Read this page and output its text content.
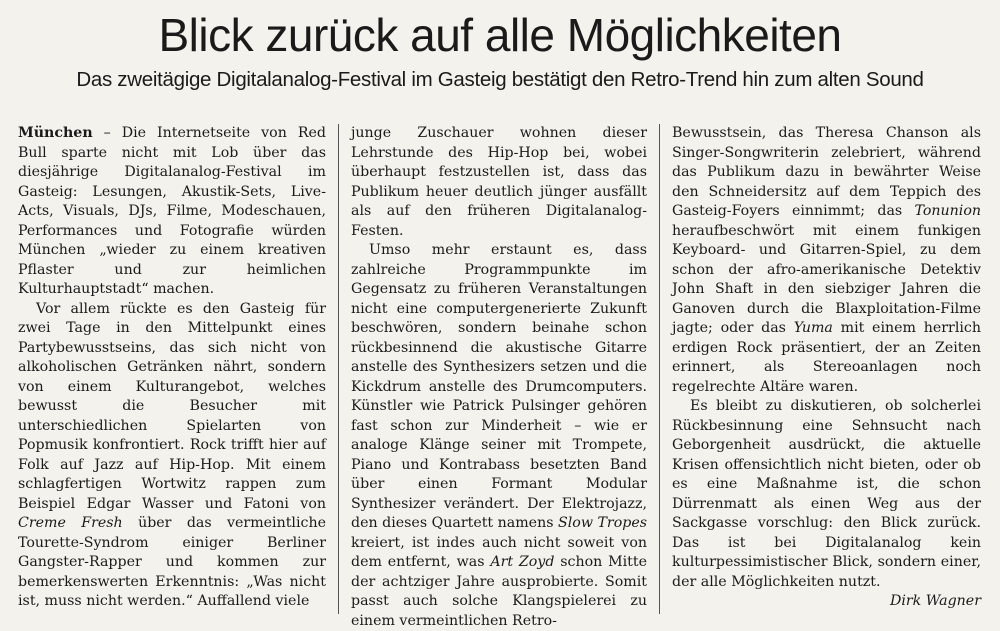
Blick zurück auf alle Möglichkeiten
Das zweitägige Digitalanalog-Festival im Gasteig bestätigt den Retro-Trend hin zum alten Sound

München – Die Internetseite von Red Bull sparte nicht mit Lob über das diesjährige Digitalanalog-Festival im Gasteig: Lesungen, Akustik-Sets, Live-Acts, Visuals, DJs, Filme, Modeschauen, Performances und Fotografie würden München „wieder zu einem kreativen Pflaster und zur heimlichen Kulturhauptstadt“ machen.

Vor allem rückte es den Gasteig für zwei Tage in den Mittelpunkt eines Partybewusstseins, das sich nicht von alkoholischen Getränken nährt, sondern von einem Kulturangebot, welches bewusst die Besucher mit unterschiedlichen Spielarten von Popmusik konfrontiert. Rock trifft hier auf Folk auf Jazz auf Hip-Hop. Mit einem schlagfertigen Wortwitz rappen zum Beispiel Edgar Wasser und Fatoni von Creme Fresh über das vermeintliche Tourette-Syndrom einiger Berliner Gangster-Rapper und kommen zur bemerkenswerten Erkenntnis: „Was nicht ist, muss nicht werden.“ Auffallend viele

junge Zuschauer wohnen dieser Lehrstunde des Hip-Hop bei, wobei überhaupt festzustellen ist, dass das Publikum heuer deutlich jünger ausfällt als auf den früheren Digitalanalog-Festen.

Umso mehr erstaunt es, dass zahlreiche Programmpunkte im Gegensatz zu früheren Veranstaltungen nicht eine computergenerierte Zukunft beschwören, sondern beinahe schon rückbesinnend die akustische Gitarre anstelle des Synthesizers setzen und die Kickdrum anstelle des Drumcomputers. Künstler wie Patrick Pulsinger gehören fast schon zur Minderheit – wie er analoge Klänge seiner mit Trompete, Piano und Kontrabass besetzten Band über einen Formant Modular Synthesizer verändert. Der Elektrojazz, den dieses Quartett namens Slow Tropes kreiert, ist indes auch nicht soweit von dem entfernt, was Art Zoyd schon Mitte der achtziger Jahre ausprobierte. Somit passt auch solche Klangspielerei zu einem vermeintlichen Retro-

Bewusstsein, das Theresa Chanson als Singer-Songwriterin zelebriert, während das Publikum dazu in bewährter Weise den Schneidersitz auf dem Teppich des Gasteig-Foyers einnimmt; das Tonunion heraufbeschwört mit einem funkigen Keyboard- und Gitarren-Spiel, zu dem schon der afro-amerikanische Detektiv John Shaft in den siebziger Jahren die Ganoven durch die Blaxploitation-Filme jagte; oder das Yuma mit einem herrlich erdigen Rock präsentiert, der an Zeiten erinnert, als Stereoanlagen noch regelrechte Altäre waren.

Es bleibt zu diskutieren, ob solcherlei Rückbesinnung eine Sehnsucht nach Geborgenheit ausdrückt, die aktuelle Krisen offensichtlich nicht bieten, oder ob es eine Maßnahme ist, die schon Dürrenmatt als einen Weg aus der Sackgasse vorschlug: den Blick zurück. Das ist bei Digitalanalog kein kulturpessimistischer Blick, sondern einer, der alle Möglichkeiten nutzt.

Dirk Wagner
